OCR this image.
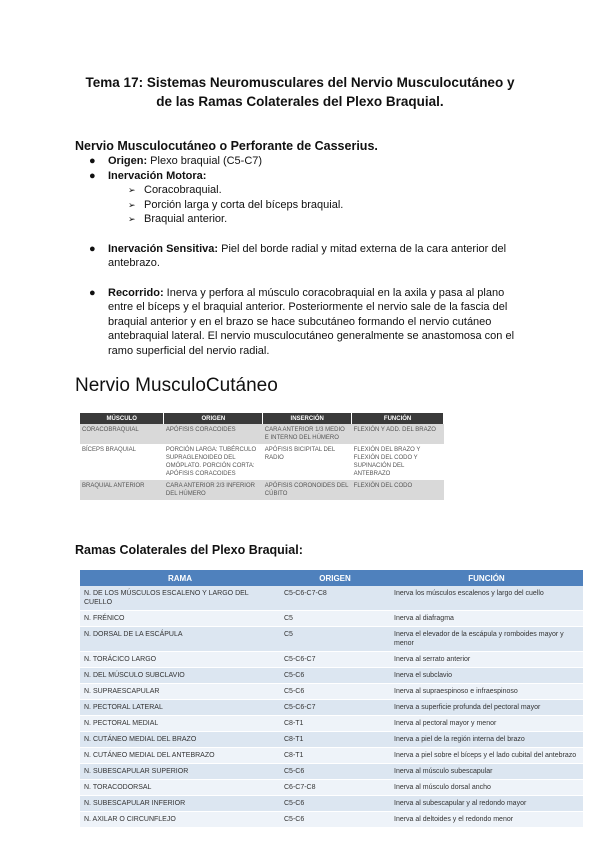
Tema 17: Sistemas Neuromusculares del Nervio Musculocutáneo y
de las Ramas Colaterales del Plexo Braquial.
Nervio Musculocutáneo o Perforante de Casserius.

● Origen: Plexo braquial (C5-C7)

● Inervación Motora:

➢ Coracobraquial.

➢ Porción larga y corta del bíceps braquial.

➢ Braquial anterior.

● Inervación Sensitiva: Piel del borde radial y mitad externa de la cara anterior del antebrazo.

● Recorrido: Inerva y perfora al músculo coracobraquial en la axila y pasa al plano entre el bíceps y el braquial anterior. Posteriormente el nervio sale de la fascia del braquial anterior y en el brazo se hace subcutáneo formando el nervio cutáneo antebraquial lateral. El nervio musculocutáneo generalmente se anastomosa con el ramo superficial del nervio radial.

Nervio MusculoCutáneo
MÚSCULO	ORIGEN	INSERCIÓN	FUNCIÓN
CORACOBRAQUIAL	APÓFISIS CORACOIDES	CARA ANTERIOR 1/3 MEDIO E INTERNO DEL HÚMERO	FLEXIÓN Y ADD. DEL BRAZO
BÍCEPS BRAQUIAL	PORCIÓN LARGA: TUBÉRCULO SUPRAGLENOIDEO DEL OMÓPLATO. PORCIÓN CORTA: APÓFISIS CORACOIDES	APÓFISIS BICIPITAL DEL RADIO	FLEXIÓN DEL BRAZO Y FLEXIÓN DEL CODO Y SUPINACIÓN DEL ANTEBRAZO
BRAQUIAL ANTERIOR	CARA ANTERIOR 2/3 INFERIOR DEL HÚMERO	APÓFISIS CORONOIDES DEL CÚBITO	FLEXIÓN DEL CODO
Ramas Colaterales del Plexo Braquial:
RAMA	ORIGEN	FUNCIÓN
N. DE LOS MÚSCULOS ESCALENO Y LARGO DEL CUELLO	C5-C6-C7-C8	Inerva los músculos escalenos y largo del cuello
N. FRÉNICO	C5	Inerva al diafragma
N. DORSAL DE LA ESCÁPULA	C5	Inerva el elevador de la escápula y romboides mayor y menor
N. TORÁCICO LARGO	C5-C6-C7	Inerva al serrato anterior
N. DEL MÚSCULO SUBCLAVIO	C5-C6	Inerva el subclavio
N. SUPRAESCAPULAR	C5-C6	Inerva al supraespinoso e infraespinoso
N. PECTORAL LATERAL	C5-C6-C7	Inerva a superficie profunda del pectoral mayor
N. PECTORAL MEDIAL	C8-T1	Inerva al pectoral mayor y menor
N. CUTÁNEO MEDIAL DEL BRAZO	C8-T1	Inerva a piel de la región interna del brazo
N. CUTÁNEO MEDIAL DEL ANTEBRAZO	C8-T1	Inerva a piel sobre el bíceps y el lado cubital del antebrazo
N. SUBESCAPULAR SUPERIOR	C5-C6	Inerva al músculo subescapular
N. TORACODORSAL	C6-C7-C8	Inerva al músculo dorsal ancho
N. SUBESCAPULAR INFERIOR	C5-C6	Inerva al subescapular y al redondo mayor
N. AXILAR O CIRCUNFLEJO	C5-C6	Inerva al deltoides y el redondo menor
